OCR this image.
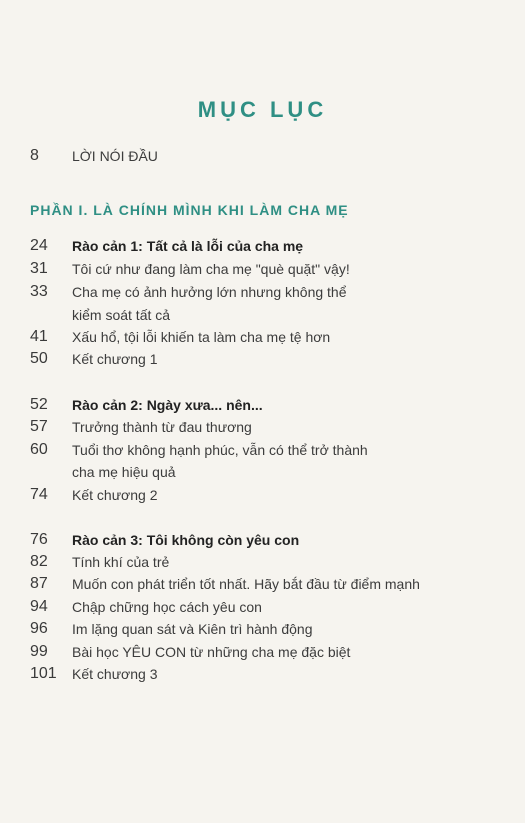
MỤC LỤC
8	LỜI NÓI ĐẦU
PHẦN I. LÀ CHÍNH MÌNH KHI LÀM CHA MẸ
24	Rào cản 1: Tất cả là lỗi của cha mẹ
31	Tôi cứ như đang làm cha mẹ "què quặt" vậy!
33	Cha mẹ có ảnh hưởng lớn nhưng không thể
kiểm soát tất cả
41	Xấu hổ, tội lỗi khiến ta làm cha mẹ tệ hơn
50	Kết chương 1
52	Rào cản 2: Ngày xưa... nên...
57	Trưởng thành từ đau thương
60	Tuổi thơ không hạnh phúc, vẫn có thể trở thành
cha mẹ hiệu quả
74	Kết chương 2
76	Rào cản 3: Tôi không còn yêu con
82	Tính khí của trẻ
87	Muốn con phát triển tốt nhất. Hãy bắt đầu từ điểm mạnh
94	Chập chững học cách yêu con
96	Im lặng quan sát và Kiên trì hành động
99	Bài học YÊU CON từ những cha mẹ đặc biệt
101	Kết chương 3
